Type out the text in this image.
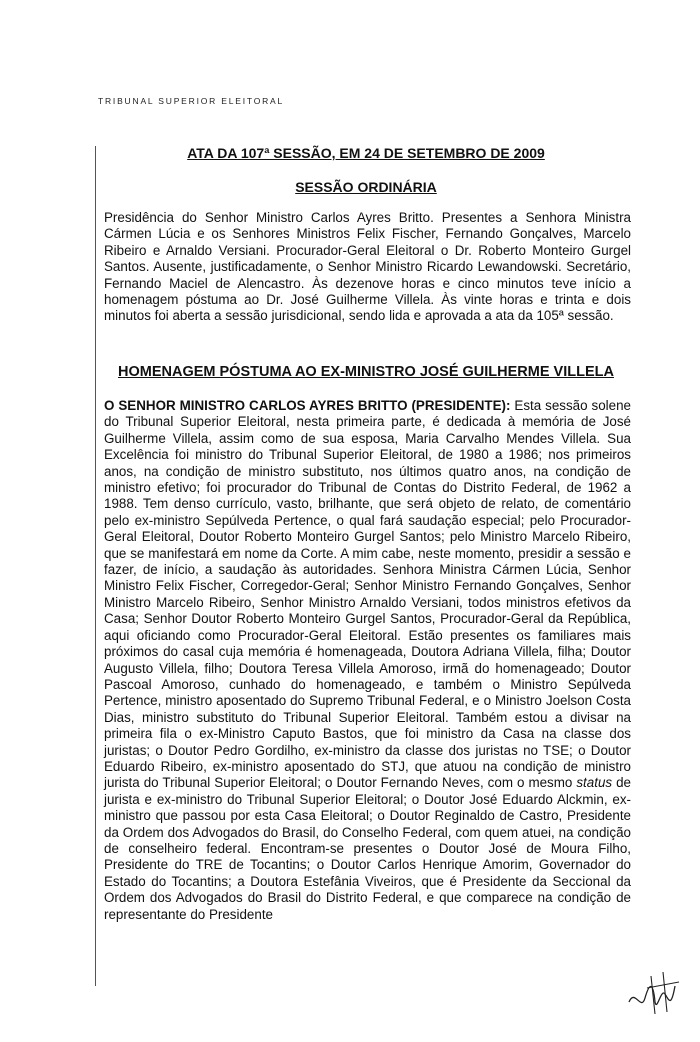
TRIBUNAL SUPERIOR ELEITORAL
ATA DA 107ª SESSÃO, EM 24 DE SETEMBRO DE 2009
SESSÃO ORDINÁRIA
Presidência do Senhor Ministro Carlos Ayres Britto. Presentes a Senhora Ministra Cármen Lúcia e os Senhores Ministros Felix Fischer, Fernando Gonçalves, Marcelo Ribeiro e Arnaldo Versiani. Procurador-Geral Eleitoral o Dr. Roberto Monteiro Gurgel Santos. Ausente, justificadamente, o Senhor Ministro Ricardo Lewandowski. Secretário, Fernando Maciel de Alencastro. Às dezenove horas e cinco minutos teve início a homenagem póstuma ao Dr. José Guilherme Villela. Às vinte horas e trinta e dois minutos foi aberta a sessão jurisdicional, sendo lida e aprovada a ata da 105ª sessão.
HOMENAGEM PÓSTUMA AO EX-MINISTRO JOSÉ GUILHERME VILLELA
O SENHOR MINISTRO CARLOS AYRES BRITTO (PRESIDENTE): Esta sessão solene do Tribunal Superior Eleitoral, nesta primeira parte, é dedicada à memória de José Guilherme Villela, assim como de sua esposa, Maria Carvalho Mendes Villela. Sua Excelência foi ministro do Tribunal Superior Eleitoral, de 1980 a 1986; nos primeiros anos, na condição de ministro substituto, nos últimos quatro anos, na condição de ministro efetivo; foi procurador do Tribunal de Contas do Distrito Federal, de 1962 a 1988. Tem denso currículo, vasto, brilhante, que será objeto de relato, de comentário pelo ex-ministro Sepúlveda Pertence, o qual fará saudação especial; pelo Procurador-Geral Eleitoral, Doutor Roberto Monteiro Gurgel Santos; pelo Ministro Marcelo Ribeiro, que se manifestará em nome da Corte. A mim cabe, neste momento, presidir a sessão e fazer, de início, a saudação às autoridades. Senhora Ministra Cármen Lúcia, Senhor Ministro Felix Fischer, Corregedor-Geral; Senhor Ministro Fernando Gonçalves, Senhor Ministro Marcelo Ribeiro, Senhor Ministro Arnaldo Versiani, todos ministros efetivos da Casa; Senhor Doutor Roberto Monteiro Gurgel Santos, Procurador-Geral da República, aqui oficiando como Procurador-Geral Eleitoral. Estão presentes os familiares mais próximos do casal cuja memória é homenageada, Doutora Adriana Villela, filha; Doutor Augusto Villela, filho; Doutora Teresa Villela Amoroso, irmã do homenageado; Doutor Pascoal Amoroso, cunhado do homenageado, e também o Ministro Sepúlveda Pertence, ministro aposentado do Supremo Tribunal Federal, e o Ministro Joelson Costa Dias, ministro substituto do Tribunal Superior Eleitoral. Também estou a divisar na primeira fila o ex-Ministro Caputo Bastos, que foi ministro da Casa na classe dos juristas; o Doutor Pedro Gordilho, ex-ministro da classe dos juristas no TSE; o Doutor Eduardo Ribeiro, ex-ministro aposentado do STJ, que atuou na condição de ministro jurista do Tribunal Superior Eleitoral; o Doutor Fernando Neves, com o mesmo status de jurista e ex-ministro do Tribunal Superior Eleitoral; o Doutor José Eduardo Alckmin, ex-ministro que passou por esta Casa Eleitoral; o Doutor Reginaldo de Castro, Presidente da Ordem dos Advogados do Brasil, do Conselho Federal, com quem atuei, na condição de conselheiro federal. Encontram-se presentes o Doutor José de Moura Filho, Presidente do TRE de Tocantins; o Doutor Carlos Henrique Amorim, Governador do Estado do Tocantins; a Doutora Estefânia Viveiros, que é Presidente da Seccional da Ordem dos Advogados do Brasil do Distrito Federal, e que comparece na condição de representante do Presidente
